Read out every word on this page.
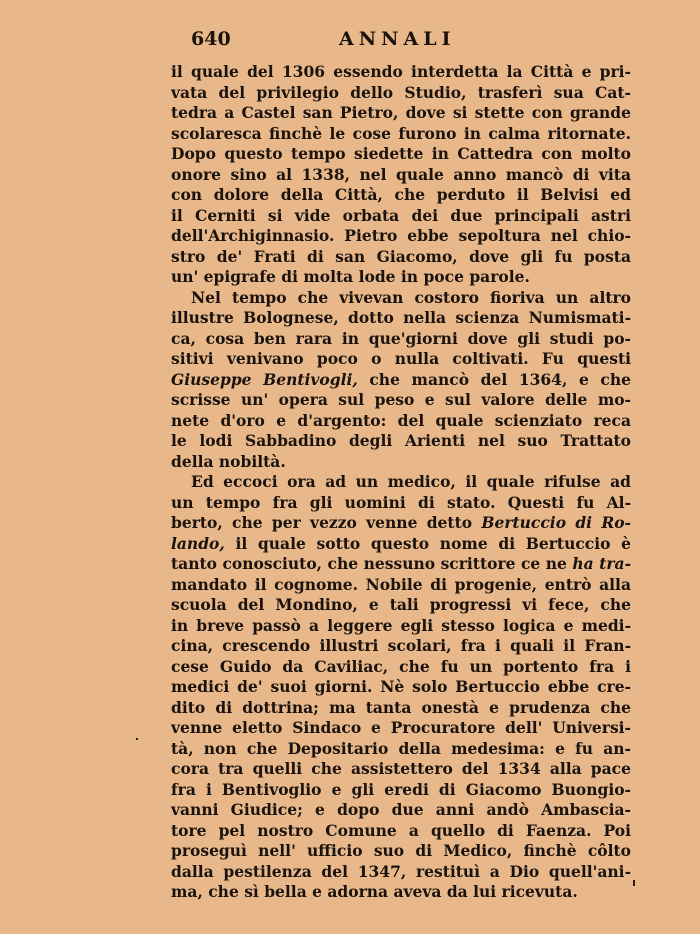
640	ANNALI
il quale del 1306 essendo interdetta la Città e pri-
vata del privilegio dello Studio, trasferì sua Cat-
tedra a Castel san Pietro, dove si stette con grande
scolaresca finchè le cose furono in calma ritornate.
Dopo questo tempo siedette in Cattedra con molto
onore sino al 1338, nel quale anno mancò di vita
con dolore della Città, che perduto il Belvisi ed
il Cerniti si vide orbata dei due principali astri
dell'Archiginnasio. Pietro ebbe sepoltura nel chio-
stro de' Frati di san Giacomo, dove gli fu posta
un' epigrafe di molta lode in poce parole.
Nel tempo che vivevan costoro fioriva un altro
illustre Bolognese, dotto nella scienza Numismati-
ca, cosa ben rara in que'giorni dove gli studi po-
sitivi venivano poco o nulla coltivati. Fu questi
Giuseppe Bentivogli, che mancò del 1364, e che
scrisse un' opera sul peso e sul valore delle mo-
nete d'oro e d'argento: del quale scienziato reca
le lodi Sabbadino degli Arienti nel suo Trattato
della nobiltà.
Ed eccoci ora ad un medico, il quale rifulse ad
un tempo fra gli uomini di stato. Questi fu Al-
berto, che per vezzo venne detto Bertuccio di Ro-
lando, il quale sotto questo nome di Bertuccio è
tanto conosciuto, che nessuno scrittore ce ne ha tra-
mandato il cognome. Nobile di progenie, entrò alla
scuola del Mondino, e tali progressi vi fece, che
in breve passò a leggere egli stesso logica e medi-
cina, crescendo illustri scolari, fra i quali il Fran-
cese Guido da Caviliac, che fu un portento fra i
medici de' suoi giorni. Nè solo Bertuccio ebbe cre-
dito di dottrina; ma tanta onestà e prudenza che
venne eletto Sindaco e Procuratore dell' Universi-
tà, non che Depositario della medesima: e fu an-
cora tra quelli che assistettero del 1334 alla pace
fra i Bentivoglio e gli eredi di Giacomo Buongio-
vanni Giudice; e dopo due anni andò Ambascia-
tore pel nostro Comune a quello di Faenza. Poi
proseguì nell' ufficio suo di Medico, finchè côlto
dalla pestilenza del 1347, restituì a Dio quell'ani-
ma, che sì bella e adorna aveva da lui ricevuta.
